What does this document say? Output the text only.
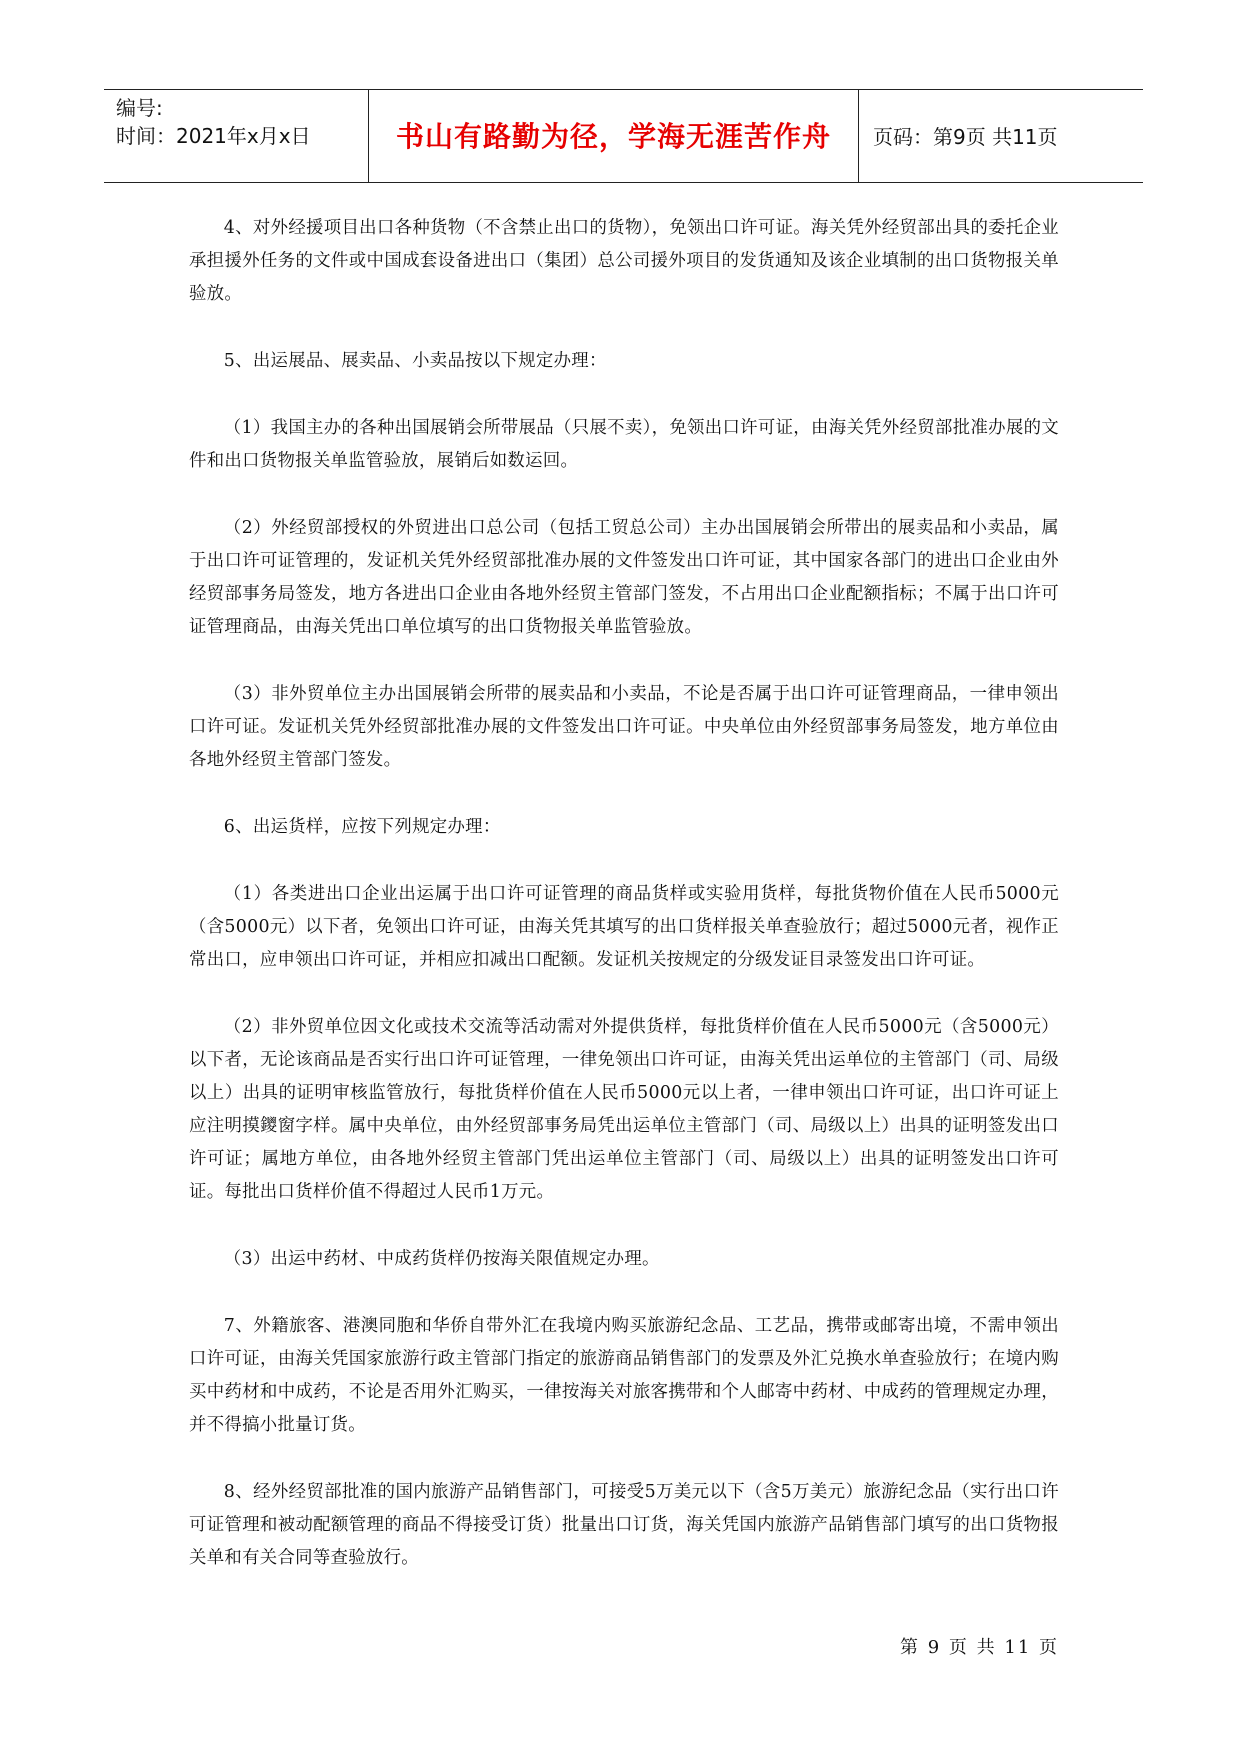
编号:
时间：2021年x月x日	书山有路勤为径，学海无涯苦作舟	页码：第9页 共11页

4、对外经援项目出口各种货物（不含禁止出口的货物），免领出口许可证。海关凭外经贸部出具的委托企业承担援外任务的文件或中国成套设备进出口（集团）总公司援外项目的发货通知及该企业填制的出口货物报关单验放。

5、出运展品、展卖品、小卖品按以下规定办理：

（1）我国主办的各种出国展销会所带展品（只展不卖），免领出口许可证，由海关凭外经贸部批准办展的文件和出口货物报关单监管验放，展销后如数运回。

（2）外经贸部授权的外贸进出口总公司（包括工贸总公司）主办出国展销会所带出的展卖品和小卖品，属于出口许可证管理的，发证机关凭外经贸部批准办展的文件签发出口许可证，其中国家各部门的进出口企业由外经贸部事务局签发，地方各进出口企业由各地外经贸主管部门签发，不占用出口企业配额指标；不属于出口许可证管理商品，由海关凭出口单位填写的出口货物报关单监管验放。

（3）非外贸单位主办出国展销会所带的展卖品和小卖品，不论是否属于出口许可证管理商品，一律申领出口许可证。发证机关凭外经贸部批准办展的文件签发出口许可证。中央单位由外经贸部事务局签发，地方单位由各地外经贸主管部门签发。

6、出运货样，应按下列规定办理：

（1）各类进出口企业出运属于出口许可证管理的商品货样或实验用货样，每批货物价值在人民币5000元（含5000元）以下者，免领出口许可证，由海关凭其填写的出口货样报关单查验放行；超过5000元者，视作正常出口，应申领出口许可证，并相应扣减出口配额。发证机关按规定的分级发证目录签发出口许可证。

（2）非外贸单位因文化或技术交流等活动需对外提供货样，每批货样价值在人民币5000元（含5000元）以下者，无论该商品是否实行出口许可证管理，一律免领出口许可证，由海关凭出运单位的主管部门（司、局级以上）出具的证明审核监管放行，每批货样价值在人民币5000元以上者，一律申领出口许可证，出口许可证上应注明摸鑁窗字样。属中央单位，由外经贸部事务局凭出运单位主管部门（司、局级以上）出具的证明签发出口许可证；属地方单位，由各地外经贸主管部门凭出运单位主管部门（司、局级以上）出具的证明签发出口许可证。每批出口货样价值不得超过人民币1万元。

（3）出运中药材、中成药货样仍按海关限值规定办理。

7、外籍旅客、港澳同胞和华侨自带外汇在我境内购买旅游纪念品、工艺品，携带或邮寄出境，不需申领出口许可证，由海关凭国家旅游行政主管部门指定的旅游商品销售部门的发票及外汇兑换水单查验放行；在境内购买中药材和中成药，不论是否用外汇购买，一律按海关对旅客携带和个人邮寄中药材、中成药的管理规定办理，并不得搞小批量订货。

8、经外经贸部批准的国内旅游产品销售部门，可接受5万美元以下（含5万美元）旅游纪念品（实行出口许可证管理和被动配额管理的商品不得接受订货）批量出口订货，海关凭国内旅游产品销售部门填写的出口货物报关单和有关合同等查验放行。

第 9 页 共 11 页
